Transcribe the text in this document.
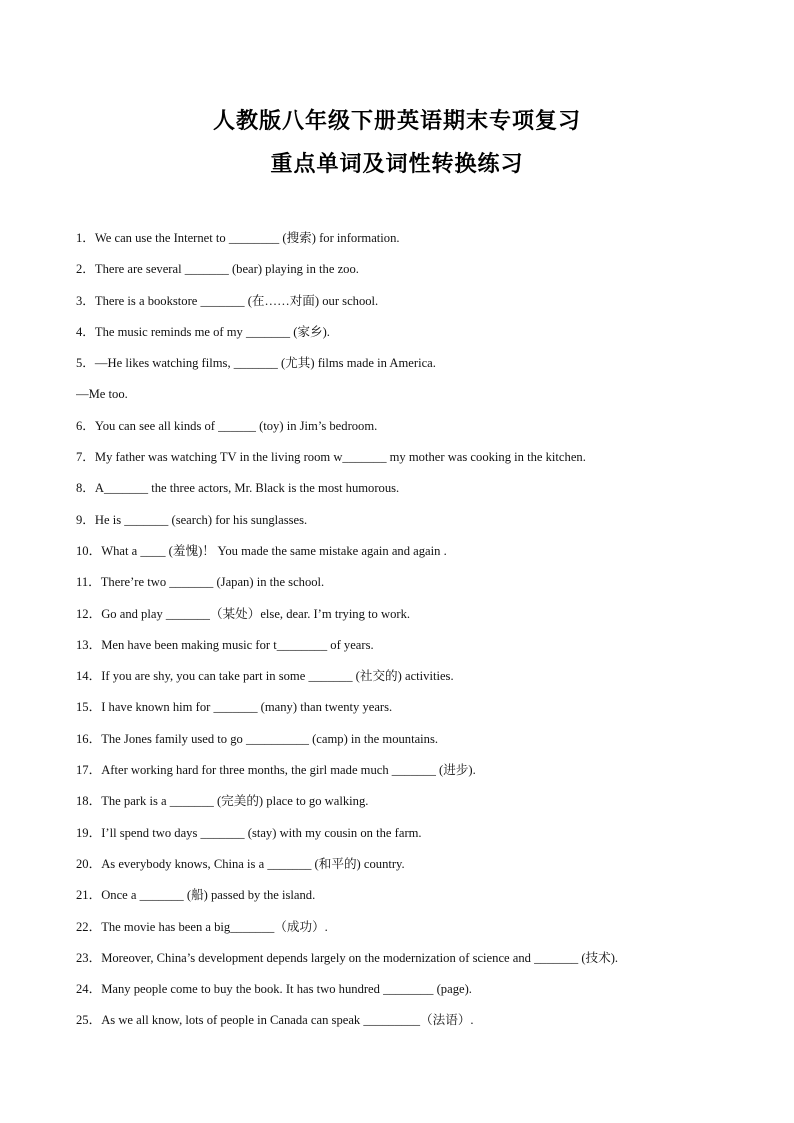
人教版八年级下册英语期末专项复习
重点单词及词性转换练习
1．We can use the Internet to ________ (搜索) for information.
2．There are several _______ (bear) playing in the zoo.
3．There is a bookstore _______ (在……对面) our school.
4．The music reminds me of my _______ (家乡).
5．—He likes watching films, _______ (尤其) films made in America.
—Me too.
6．You can see all kinds of ______ (toy) in Jim’s bedroom.
7．My father was watching TV in the living room w_______ my mother was cooking in the kitchen.
8．A_______ the three actors, Mr. Black is the most humorous.
9．He is _______ (search) for his sunglasses.
10．What a ____ (羞愧)！ You made the same mistake again and again .
11．There’re two _______ (Japan) in the school.
12．Go and play _______（某处）else, dear. I’m trying to work.
13．Men have been making music for t________ of years.
14．If you are shy, you can take part in some _______ (社交的) activities.
15．I have known him for _______ (many) than twenty years.
16．The Jones family used to go __________ (camp) in the mountains.
17．After working hard for three months, the girl made much _______ (进步).
18．The park is a _______ (完美的) place to go walking.
19．I’ll spend two days _______ (stay) with my cousin on the farm.
20．As everybody knows, China is a _______ (和平的) country.
21．Once a _______ (船) passed by the island.
22．The movie has been a big_______（成功）.
23．Moreover, China’s development depends largely on the modernization of science and _______ (技术).
24．Many people come to buy the book. It has two hundred ________ (page).
25．As we all know, lots of people in Canada can speak _________（法语）.
